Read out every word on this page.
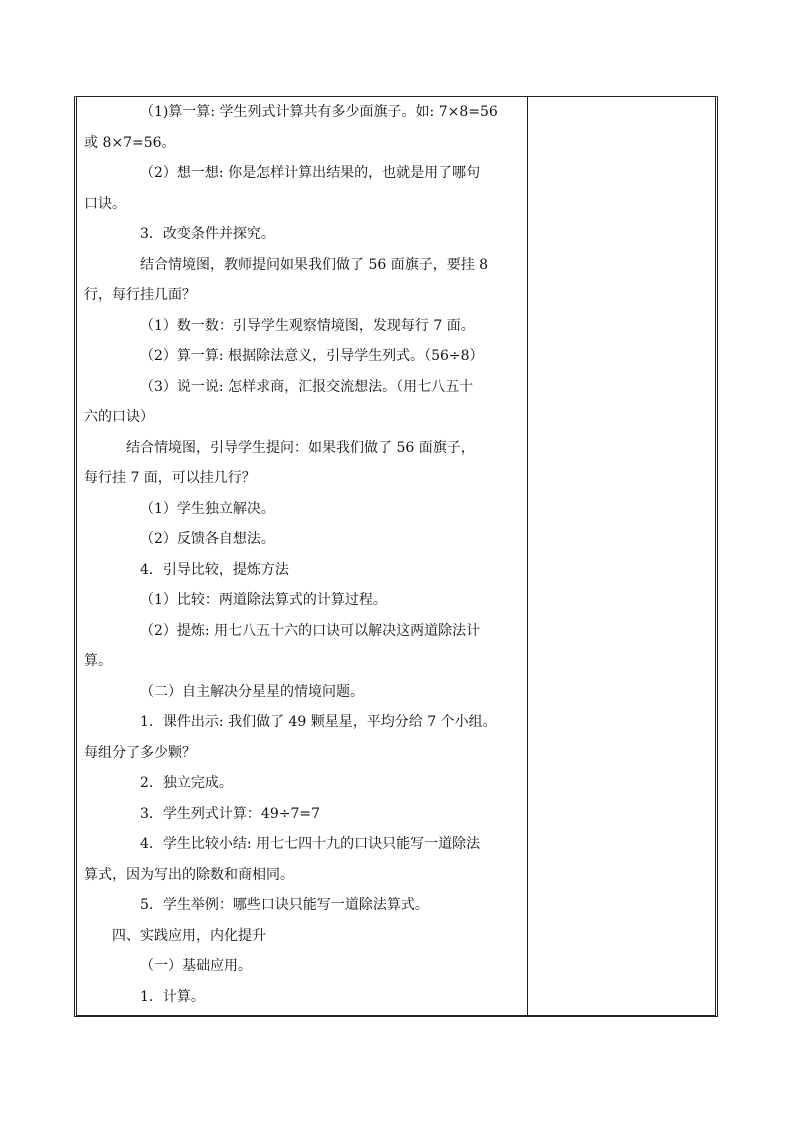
（1)算一算: 学生列式计算共有多少面旗子。如: 7×8=56

或 8×7=56。

（2）想一想: 你是怎样计算出结果的，也就是用了哪句

口诀。

3．改变条件并探究。

结合情境图，教师提问如果我们做了 56 面旗子，要挂 8

行，每行挂几面？

（1）数一数：引导学生观察情境图，发现每行 7 面。

（2）算一算: 根据除法意义，引导学生列式。（56÷8）

（3）说一说: 怎样求商，汇报交流想法。（用七八五十

六的口诀）

结合情境图，引导学生提问：如果我们做了 56 面旗子，

每行挂 7 面，可以挂几行？

（1）学生独立解决。

（2）反馈各自想法。

4．引导比较，提炼方法

（1）比较：两道除法算式的计算过程。

（2）提炼: 用七八五十六的口诀可以解决这两道除法计

算。

（二）自主解决分星星的情境问题。

1．课件出示: 我们做了 49 颗星星，平均分给 7 个小组。

每组分了多少颗？

2．独立完成。

3．学生列式计算：49÷7=7

4．学生比较小结: 用七七四十九的口诀只能写一道除法

算式，因为写出的除数和商相同。

5．学生举例：哪些口诀只能写一道除法算式。

四、实践应用，内化提升

（一）基础应用。

1．计算。
